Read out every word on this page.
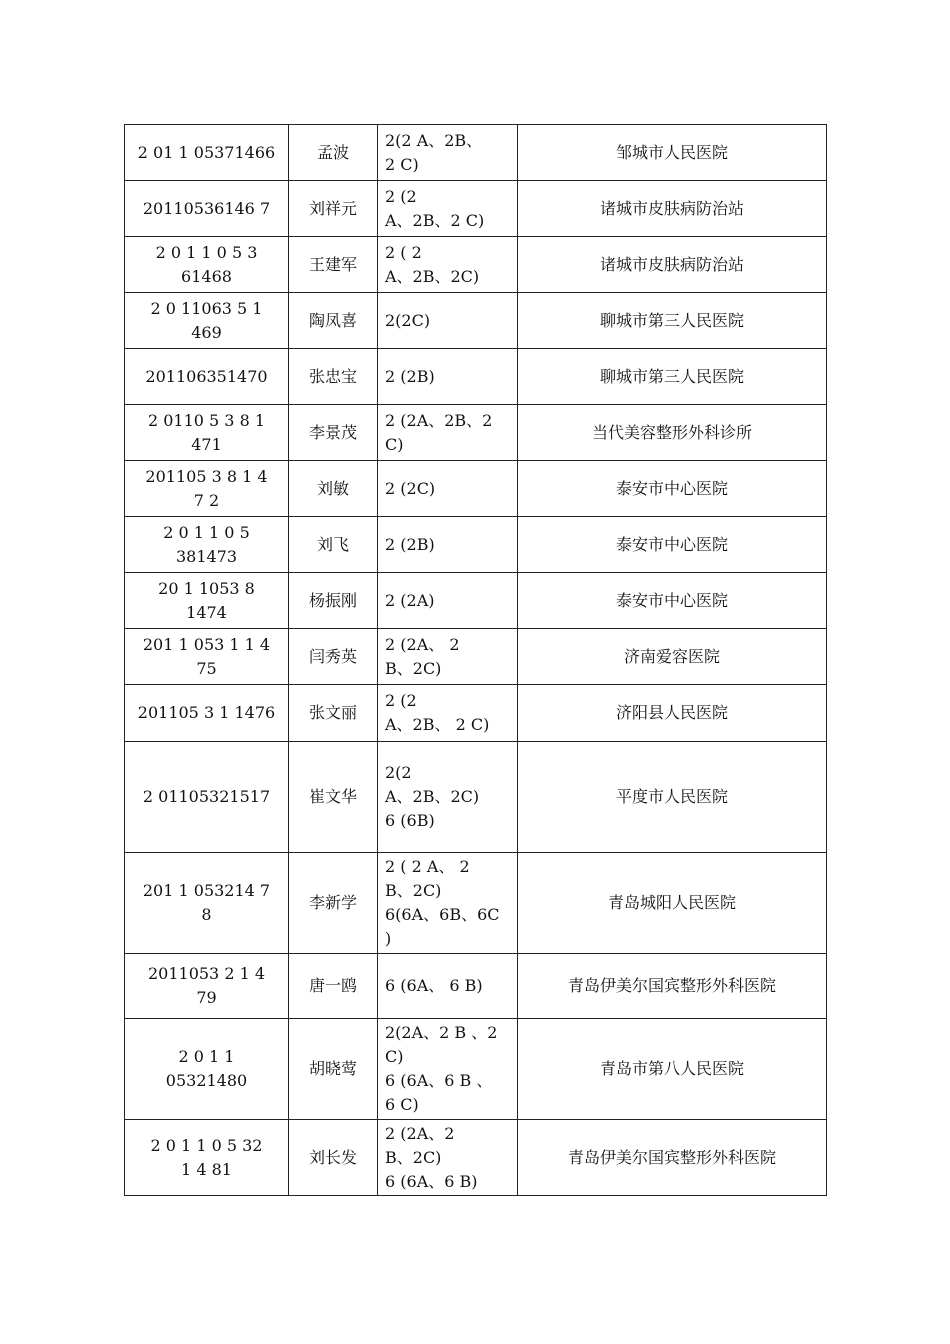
2 01 1 05371466	孟波	2(2 A、2B、
2 C)	邹城市人民医院
20110536146 7	刘祥元	2 (2
A、2B、2 C)	诸城市皮肤病防治站
2 0 1 1 0 5 3
61468	王建军	2 ( 2
A、2B、2C)	诸城市皮肤病防治站
2 0 11063 5 1
469	陶凤喜	2(2C)	聊城市第三人民医院
201106351470	张忠宝	2 (2B)	聊城市第三人民医院
2 0110 5 3 8 1
471	李景茂	2 (2A、2B、2
C)	当代美容整形外科诊所
201105 3 8 1 4
7 2	刘敏	2 (2C)	泰安市中心医院
2 0 1 1 0 5
381473	刘飞	2 (2B)	泰安市中心医院
20 1 1053 8
1474	杨振刚	2 (2A)	泰安市中心医院
201 1 053 1 1 4
75	闫秀英	2 (2A、 2
B、2C)	济南爱容医院
201105 3 1 1476	张文丽	2 (2
A、2B、 2 C)	济阳县人民医院
2 01105321517	崔文华	2(2
A、2B、2C)
6 (6B)	平度市人民医院
201 1 053214 7
8	李新学	2 ( 2 A、 2
B、2C)
6(6A、6B、6C
)	青岛城阳人民医院
2011053 2 1 4
79	唐一鸥	6 (6A、 6 B)	青岛伊美尔国宾整形外科医院
2 0 1 1
05321480	胡晓莺	2(2A、2 B 、2
C)
6 (6A、6 B 、
6 C)	青岛市第八人民医院
2 0 1 1 0 5 32
1 4 81	刘长发	2 (2A、2
B、2C)
6 (6A、6 B)	青岛伊美尔国宾整形外科医院
